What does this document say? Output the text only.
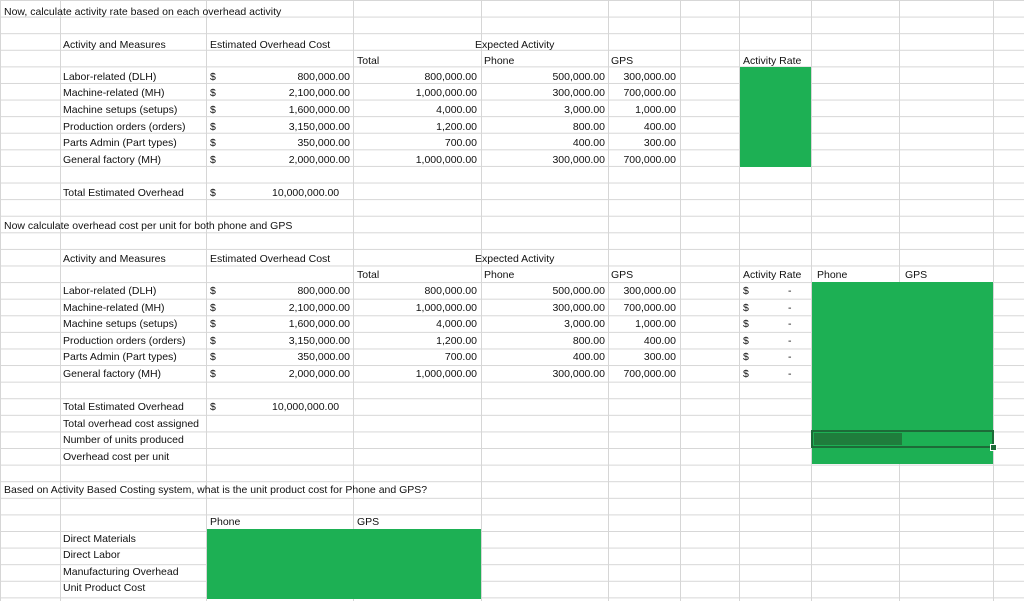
Now, calculate activity rate based on each overhead activity
Activity and Measures	Estimated Overhead Cost	Expected Activity
Total	Phone	GPS	Activity Rate
Labor-related (DLH)	$	800,000.00	800,000.00	500,000.00	300,000.00
Machine-related (MH)	$	2,100,000.00	1,000,000.00	300,000.00	700,000.00
Machine setups (setups)	$	1,600,000.00	4,000.00	3,000.00	1,000.00
Production orders (orders) $	3,150,000.00	1,200.00	800.00	400.00
Parts Admin (Part types)	$	350,000.00	700.00	400.00	300.00
General factory (MH)	$	2,000,000.00	1,000,000.00	300,000.00	700,000.00
Total Estimated Overhead $	10,000,000.00
Now calculate overhead cost per unit for both phone and GPS
Activity and Measures	Estimated Overhead Cost	Expected Activity
Total	Phone	GPS	Activity Rate Phone	GPS
Labor-related (DLH)	$	800,000.00	800,000.00	500,000.00	300,000.00	$	-
Machine-related (MH)	$	2,100,000.00	1,000,000.00	300,000.00	700,000.00	$	-
Machine setups (setups)	$	1,600,000.00	4,000.00	3,000.00	1,000.00	$	-
Production orders (orders) $	3,150,000.00	1,200.00	800.00	400.00	$	-
Parts Admin (Part types)	$	350,000.00	700.00	400.00	300.00	$	-
General factory (MH)	$	2,000,000.00	1,000,000.00	300,000.00	700,000.00	$	-
Total Estimated Overhead $	10,000,000.00
Total overhead cost assigned
Number of units produced
Overhead cost per unit
Based on Activity Based Costing system, what is the unit product cost for Phone and GPS?
Phone	GPS
Direct Materials
Direct Labor
Manufacturing Overhead
Unit Product Cost
